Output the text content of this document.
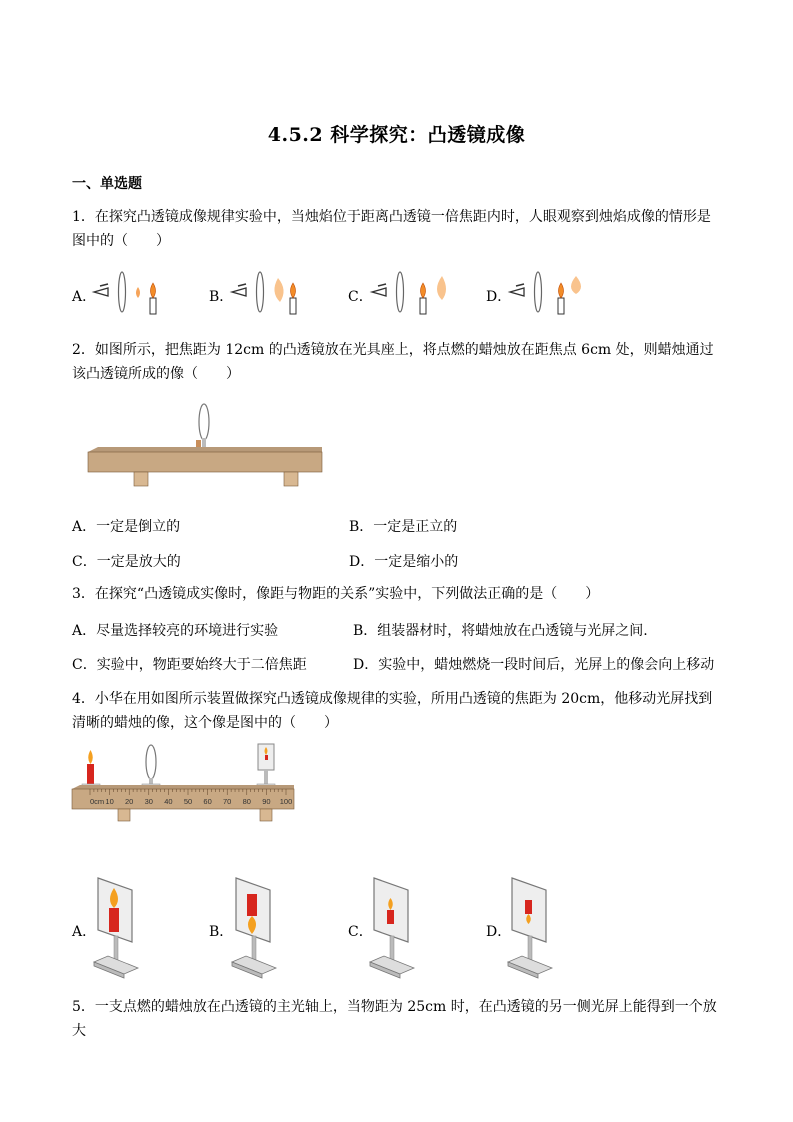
4.5.2 科学探究：凸透镜成像
一、单选题
1．在探究凸透镜成像规律实验中，当烛焰位于距离凸透镜一倍焦距内时，人眼观察到烛焰成像的情形是图中的（　　）
A．	B．	C．	D．
2．如图所示，把焦距为 12cm 的凸透镜放在光具座上，将点燃的蜡烛放在距焦点 6cm 处，则蜡烛通过该凸透镜所成的像（　　）
A．一定是倒立的	B．一定是正立的
C．一定是放大的	D．一定是缩小的
3．在探究“凸透镜成实像时，像距与物距的关系”实验中，下列做法正确的是（　　）
A．尽量选择较亮的环境进行实验	B．组装器材时，将蜡烛放在凸透镜与光屏之间.
C．实验中，物距要始终大于二倍焦距	D．实验中，蜡烛燃烧一段时间后，光屏上的像会向上移动
4．小华在用如图所示装置做探究凸透镜成像规律的实验，所用凸透镜的焦距为 20cm，他移动光屏找到清晰的蜡烛的像，这个像是图中的（　　）
0cm 10 20 30 40 50 60 70 80 90 100
A．	B．	C．	D．
5．一支点燃的蜡烛放在凸透镜的主光轴上，当物距为 25cm 时，在凸透镜的另一侧光屏上能得到一个放大
